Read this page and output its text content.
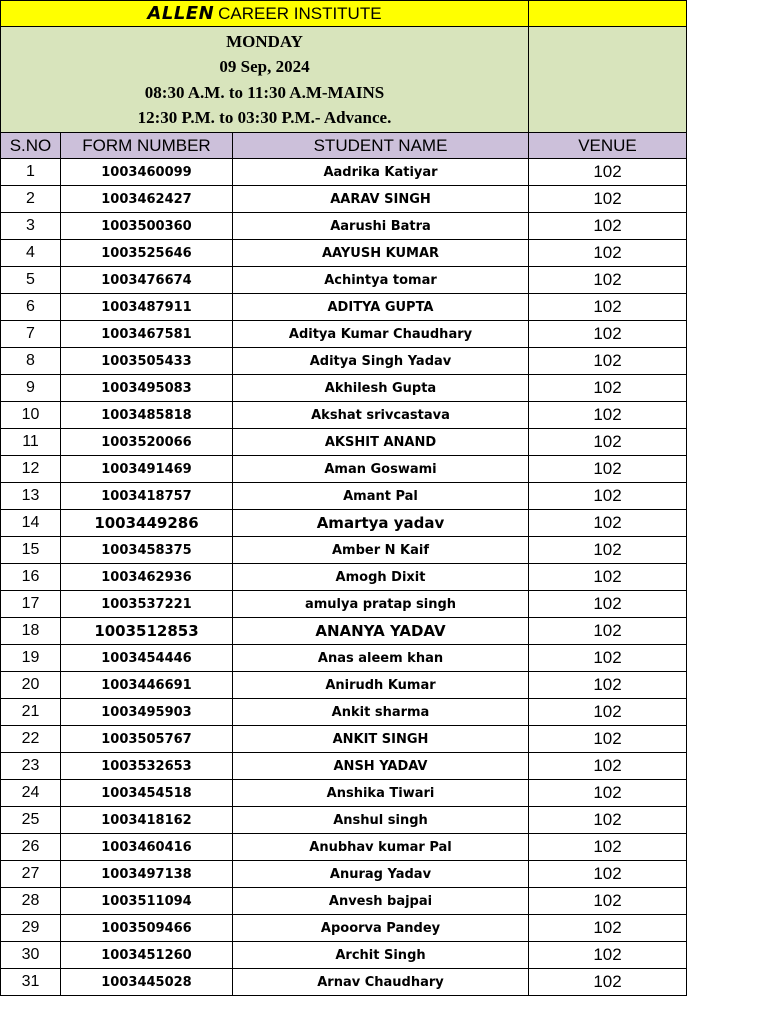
ALLEN CAREER INSTITUTE			

MONDAY
09 Sep, 2024
08:30 A.M. to 11:30 A.M-MAINS
12:30 P.M. to 03:30 P.M.- Advance.			

S.NO	FORM NUMBER	STUDENT NAME	VENUE
1	1003460099	Aadrika Katiyar	102
2	1003462427	AARAV SINGH	102
3	1003500360	Aarushi Batra	102
4	1003525646	AAYUSH KUMAR	102
5	1003476674	Achintya tomar	102
6	1003487911	ADITYA GUPTA	102
7	1003467581	Aditya Kumar Chaudhary	102
8	1003505433	Aditya Singh Yadav	102
9	1003495083	Akhilesh Gupta	102
10	1003485818	Akshat srivcastava	102
11	1003520066	AKSHIT ANAND	102
12	1003491469	Aman Goswami	102
13	1003418757	Amant Pal	102
14	1003449286	Amartya yadav	102
15	1003458375	Amber N Kaif	102
16	1003462936	Amogh Dixit	102
17	1003537221	amulya pratap singh	102
18	1003512853	ANANYA YADAV	102
19	1003454446	Anas aleem khan	102
20	1003446691	Anirudh Kumar	102
21	1003495903	Ankit sharma	102
22	1003505767	ANKIT SINGH	102
23	1003532653	ANSH YADAV	102
24	1003454518	Anshika Tiwari	102
25	1003418162	Anshul singh	102
26	1003460416	Anubhav kumar Pal	102
27	1003497138	Anurag Yadav	102
28	1003511094	Anvesh bajpai	102
29	1003509466	Apoorva Pandey	102
30	1003451260	Archit Singh	102
31	1003445028	Arnav Chaudhary	102
